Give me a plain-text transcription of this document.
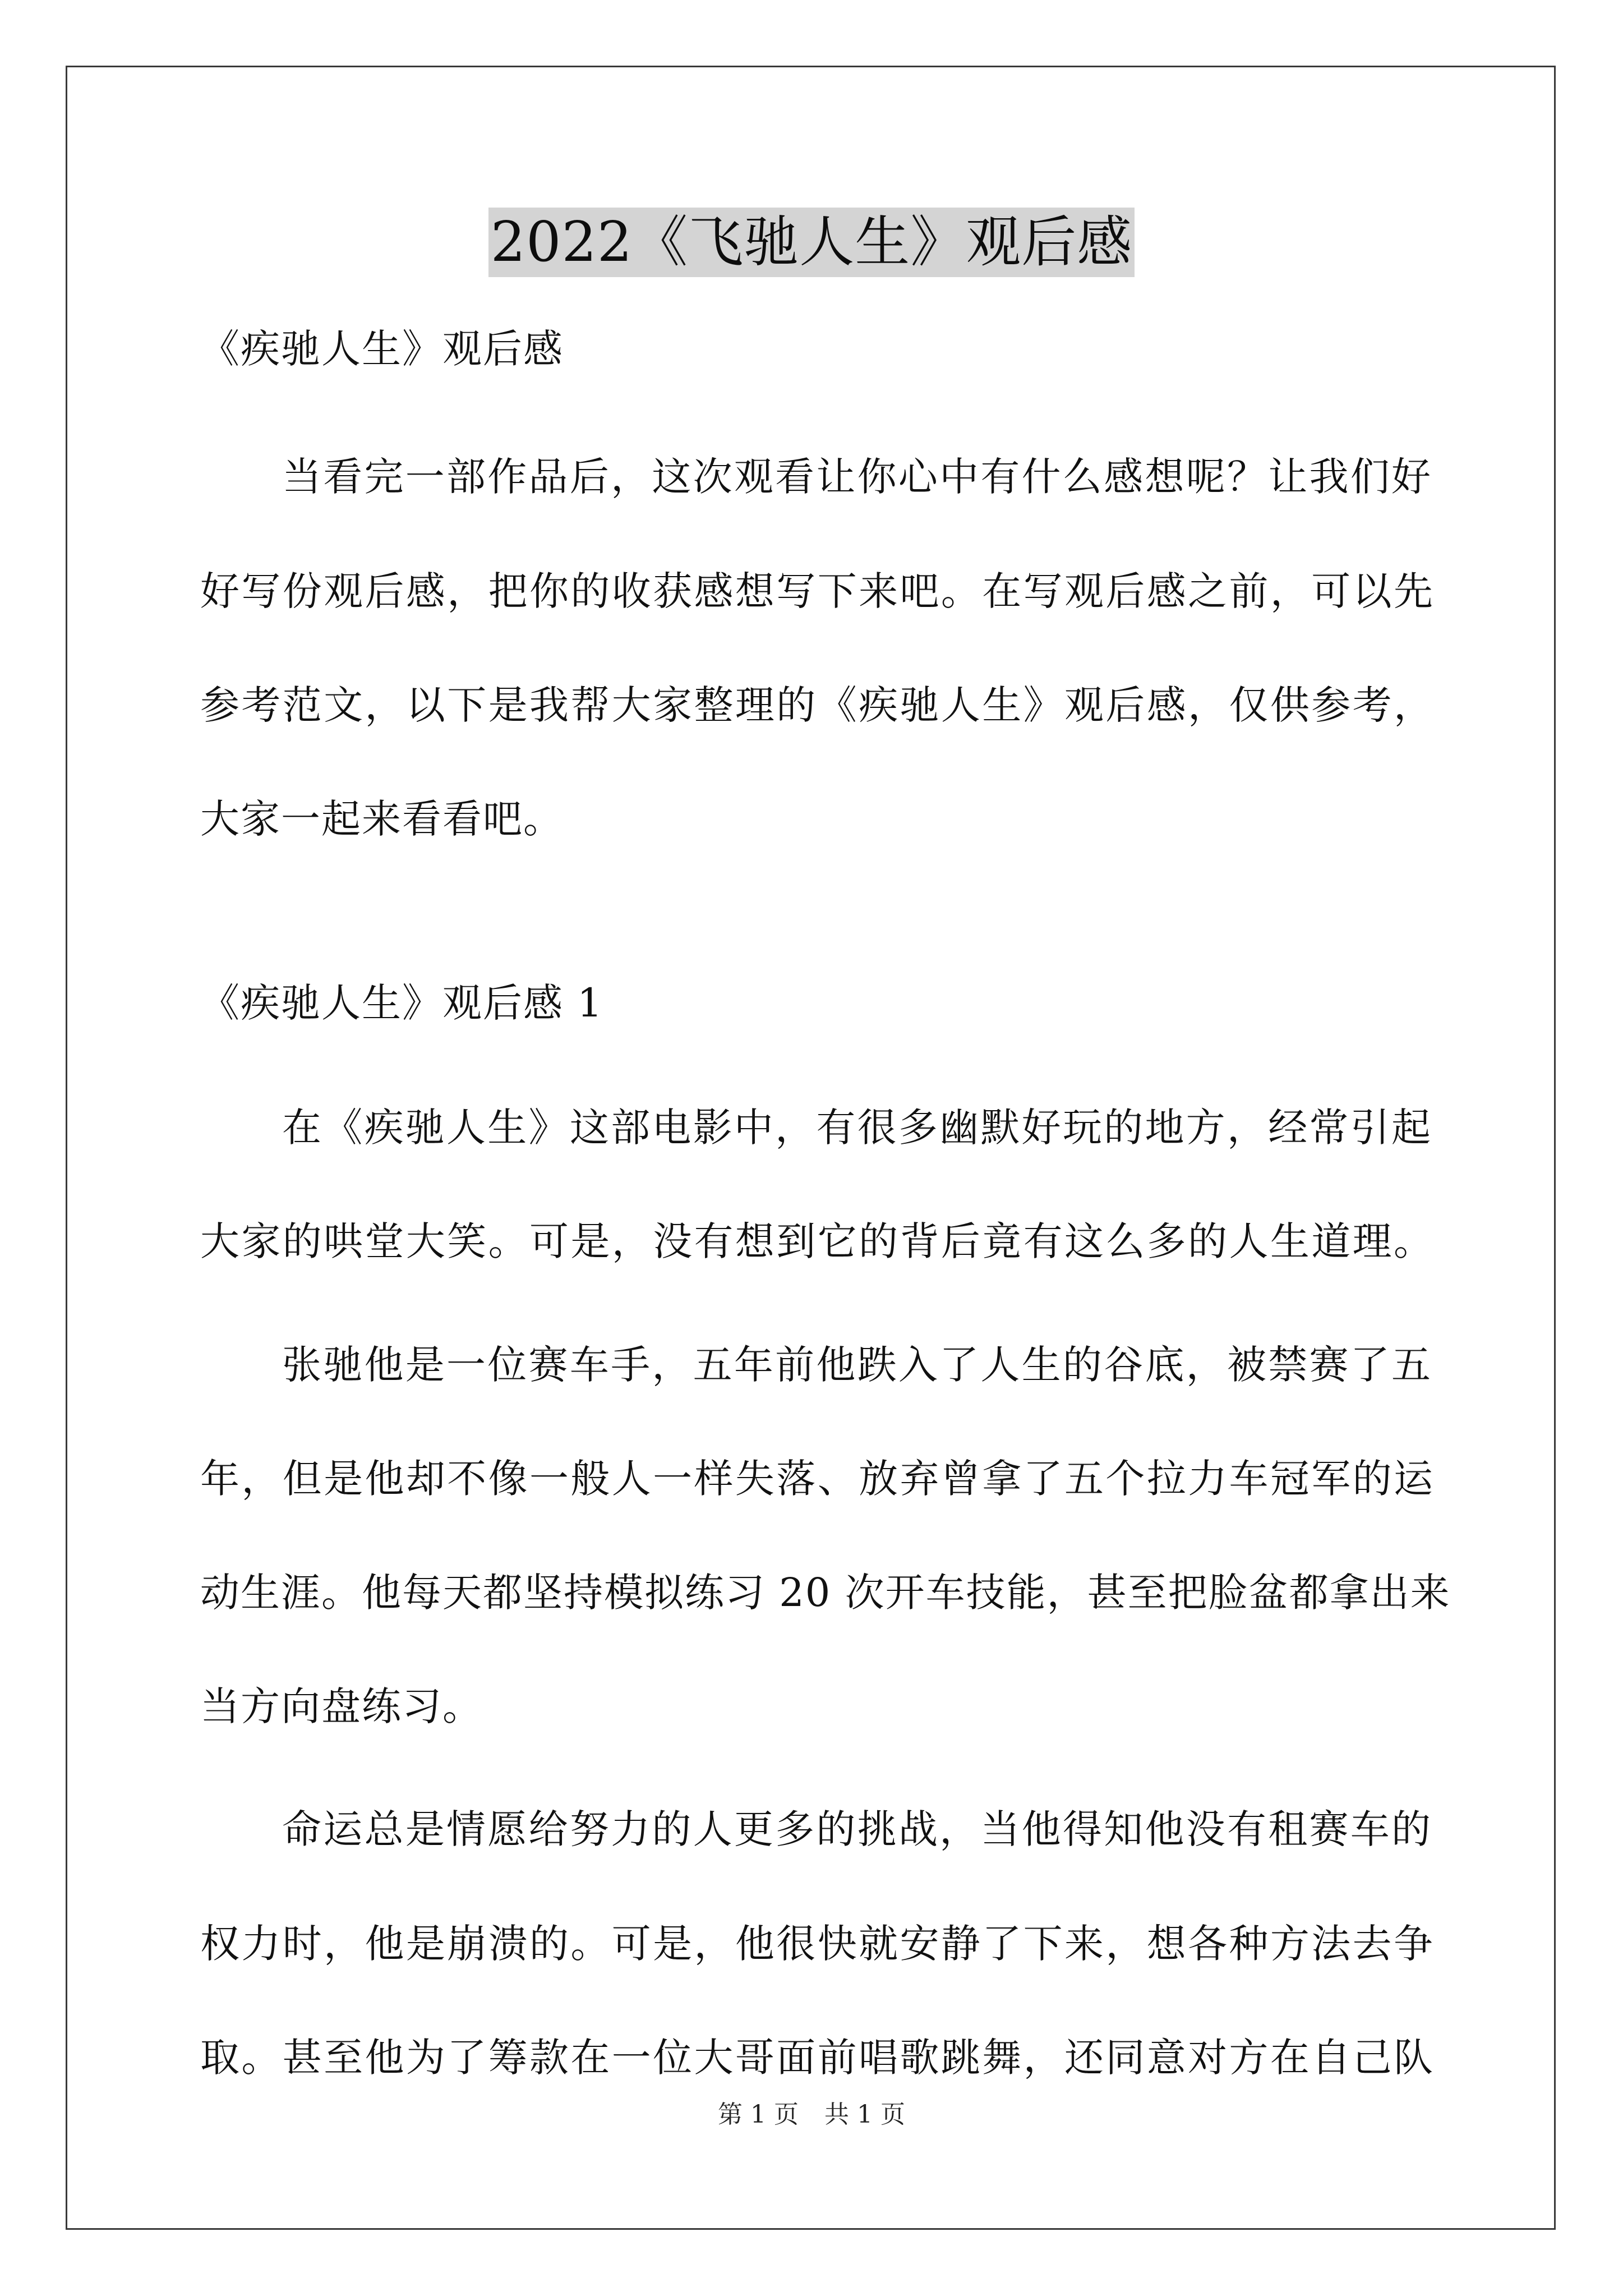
2022《飞驰人生》观后感
《疾驰人生》观后感
当看完一部作品后，这次观看让你心中有什么感想呢？让我们好
好写份观后感，把你的收获感想写下来吧。在写观后感之前，可以先
参考范文，以下是我帮大家整理的《疾驰人生》观后感，仅供参考，
大家一起来看看吧。
《疾驰人生》观后感 1
在《疾驰人生》这部电影中，有很多幽默好玩的地方，经常引起
大家的哄堂大笑。可是，没有想到它的背后竟有这么多的人生道理。
张驰他是一位赛车手，五年前他跌入了人生的谷底，被禁赛了五
年，但是他却不像一般人一样失落、放弃曾拿了五个拉力车冠军的运
动生涯。他每天都坚持模拟练习 20 次开车技能，甚至把脸盆都拿出来
当方向盘练习。
命运总是情愿给努力的人更多的挑战，当他得知他没有租赛车的
权力时，他是崩溃的。可是，他很快就安静了下来，想各种方法去争
取。甚至他为了筹款在一位大哥面前唱歌跳舞，还同意对方在自己队
第 1 页 共 1 页
